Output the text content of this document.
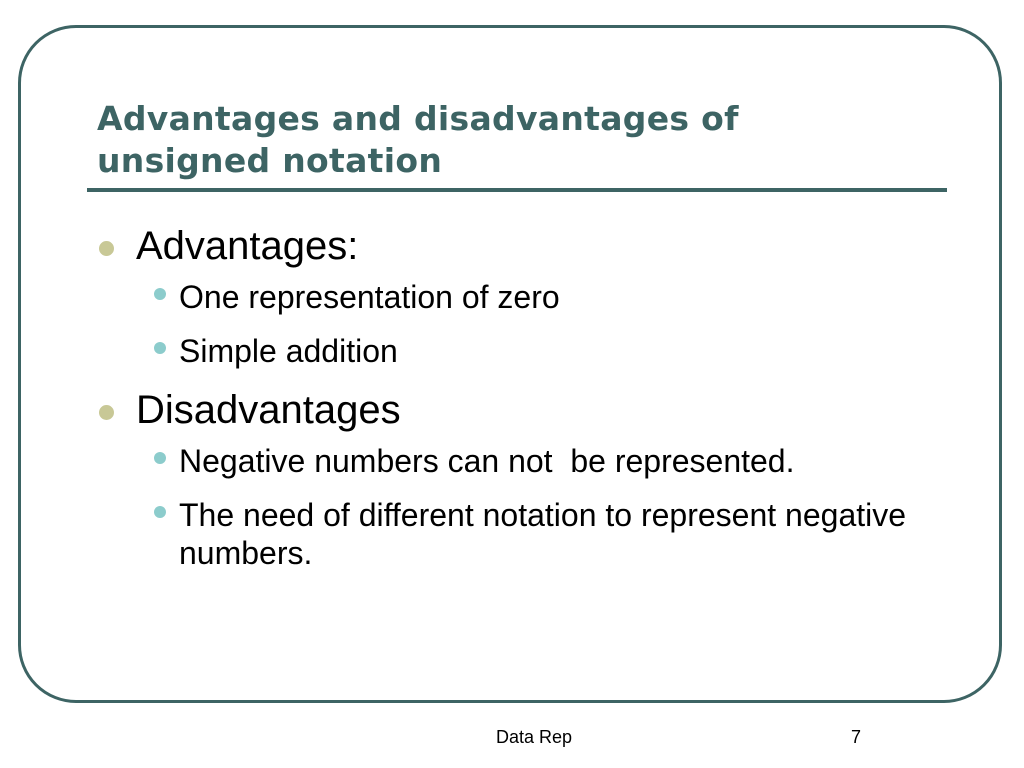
Advantages and disadvantages of
unsigned notation
Advantages:
One representation of zero
Simple addition
Disadvantages
Negative numbers can not  be represented.
The need of different notation to represent negative numbers.
Data Rep	7
